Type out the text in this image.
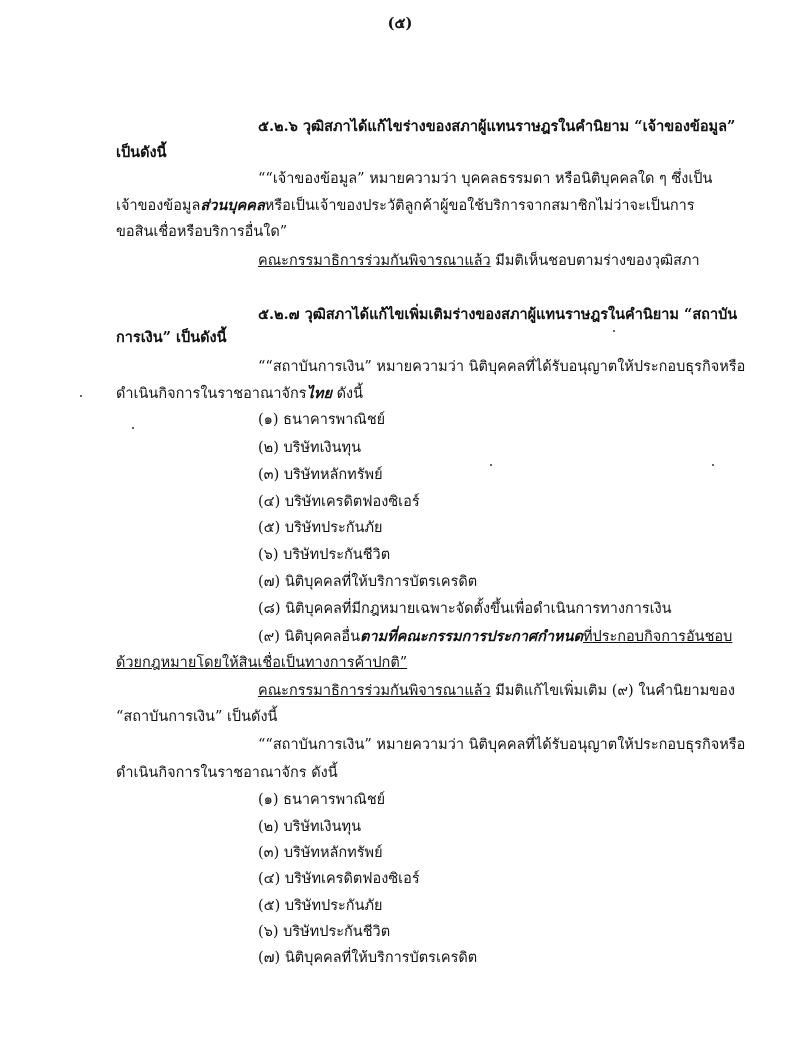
(๕)
๕.๒.๖ วุฒิสภาได้แก้ไขร่างของสภาผู้แทนราษฎรในคำนิยาม “เจ้าของข้อมูล”
เป็นดังนี้
““เจ้าของข้อมูล” หมายความว่า บุคคลธรรมดา หรือนิติบุคคลใด ๆ ซึ่งเป็น
เจ้าของข้อมูลส่วนบุคคลหรือเป็นเจ้าของประวัติลูกค้าผู้ขอใช้บริการจากสมาชิกไม่ว่าจะเป็นการ
ขอสินเชื่อหรือบริการอื่นใด”
คณะกรรมาธิการร่วมกันพิจารณาแล้ว มีมติเห็นชอบตามร่างของวุฒิสภา
๕.๒.๗ วุฒิสภาได้แก้ไขเพิ่มเติมร่างของสภาผู้แทนราษฎรในคำนิยาม “สถาบัน
การเงิน” เป็นดังนี้
““สถาบันการเงิน” หมายความว่า นิติบุคคลที่ได้รับอนุญาตให้ประกอบธุรกิจหรือ
ดำเนินกิจการในราชอาณาจักรไทย ดังนี้
(๑) ธนาคารพาณิชย์
(๒) บริษัทเงินทุน
(๓) บริษัทหลักทรัพย์
(๔) บริษัทเครดิตฟองซิเอร์
(๕) บริษัทประกันภัย
(๖) บริษัทประกันชีวิต
(๗) นิติบุคคลที่ให้บริการบัตรเครดิต
(๘) นิติบุคคลที่มีกฎหมายเฉพาะจัดตั้งขึ้นเพื่อดำเนินการทางการเงิน
(๙) นิติบุคคลอื่นตามที่คณะกรรมการประกาศกำหนดที่ประกอบกิจการอันชอบ
ด้วยกฎหมายโดยให้สินเชื่อเป็นทางการค้าปกติ”
คณะกรรมาธิการร่วมกันพิจารณาแล้ว มีมติแก้ไขเพิ่มเติม (๙) ในคำนิยามของ
“สถาบันการเงิน” เป็นดังนี้
““สถาบันการเงิน” หมายความว่า นิติบุคคลที่ได้รับอนุญาตให้ประกอบธุรกิจหรือ
ดำเนินกิจการในราชอาณาจักร ดังนี้
(๑) ธนาคารพาณิชย์
(๒) บริษัทเงินทุน
(๓) บริษัทหลักทรัพย์
(๔) บริษัทเครดิตฟองซิเอร์
(๕) บริษัทประกันภัย
(๖) บริษัทประกันชีวิต
(๗) นิติบุคคลที่ให้บริการบัตรเครดิต
